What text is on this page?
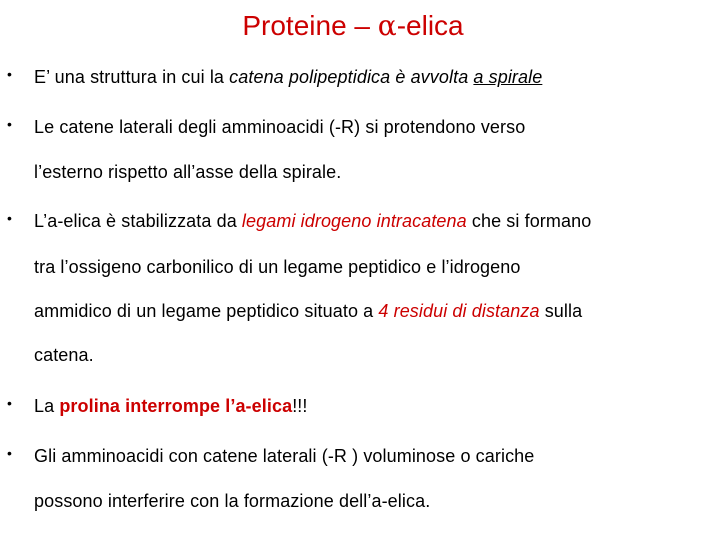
Proteine – α-elica
• E’ una struttura in cui la catena polipeptidica è avvolta a spirale
• Le catene laterali degli amminoacidi (-R) si protendono verso
l’esterno rispetto all’asse della spirale.
• L’a-elica è stabilizzata da legami idrogeno intracatena che si formano
tra l’ossigeno carbonilico di un legame peptidico e l’idrogeno
ammidico di un legame peptidico situato a 4 residui di distanza sulla
catena.
• La prolina interrompe l’a-elica!!!
• Gli amminoacidi con catene laterali (-R ) voluminose o cariche
possono interferire con la formazione dell’a-elica.
